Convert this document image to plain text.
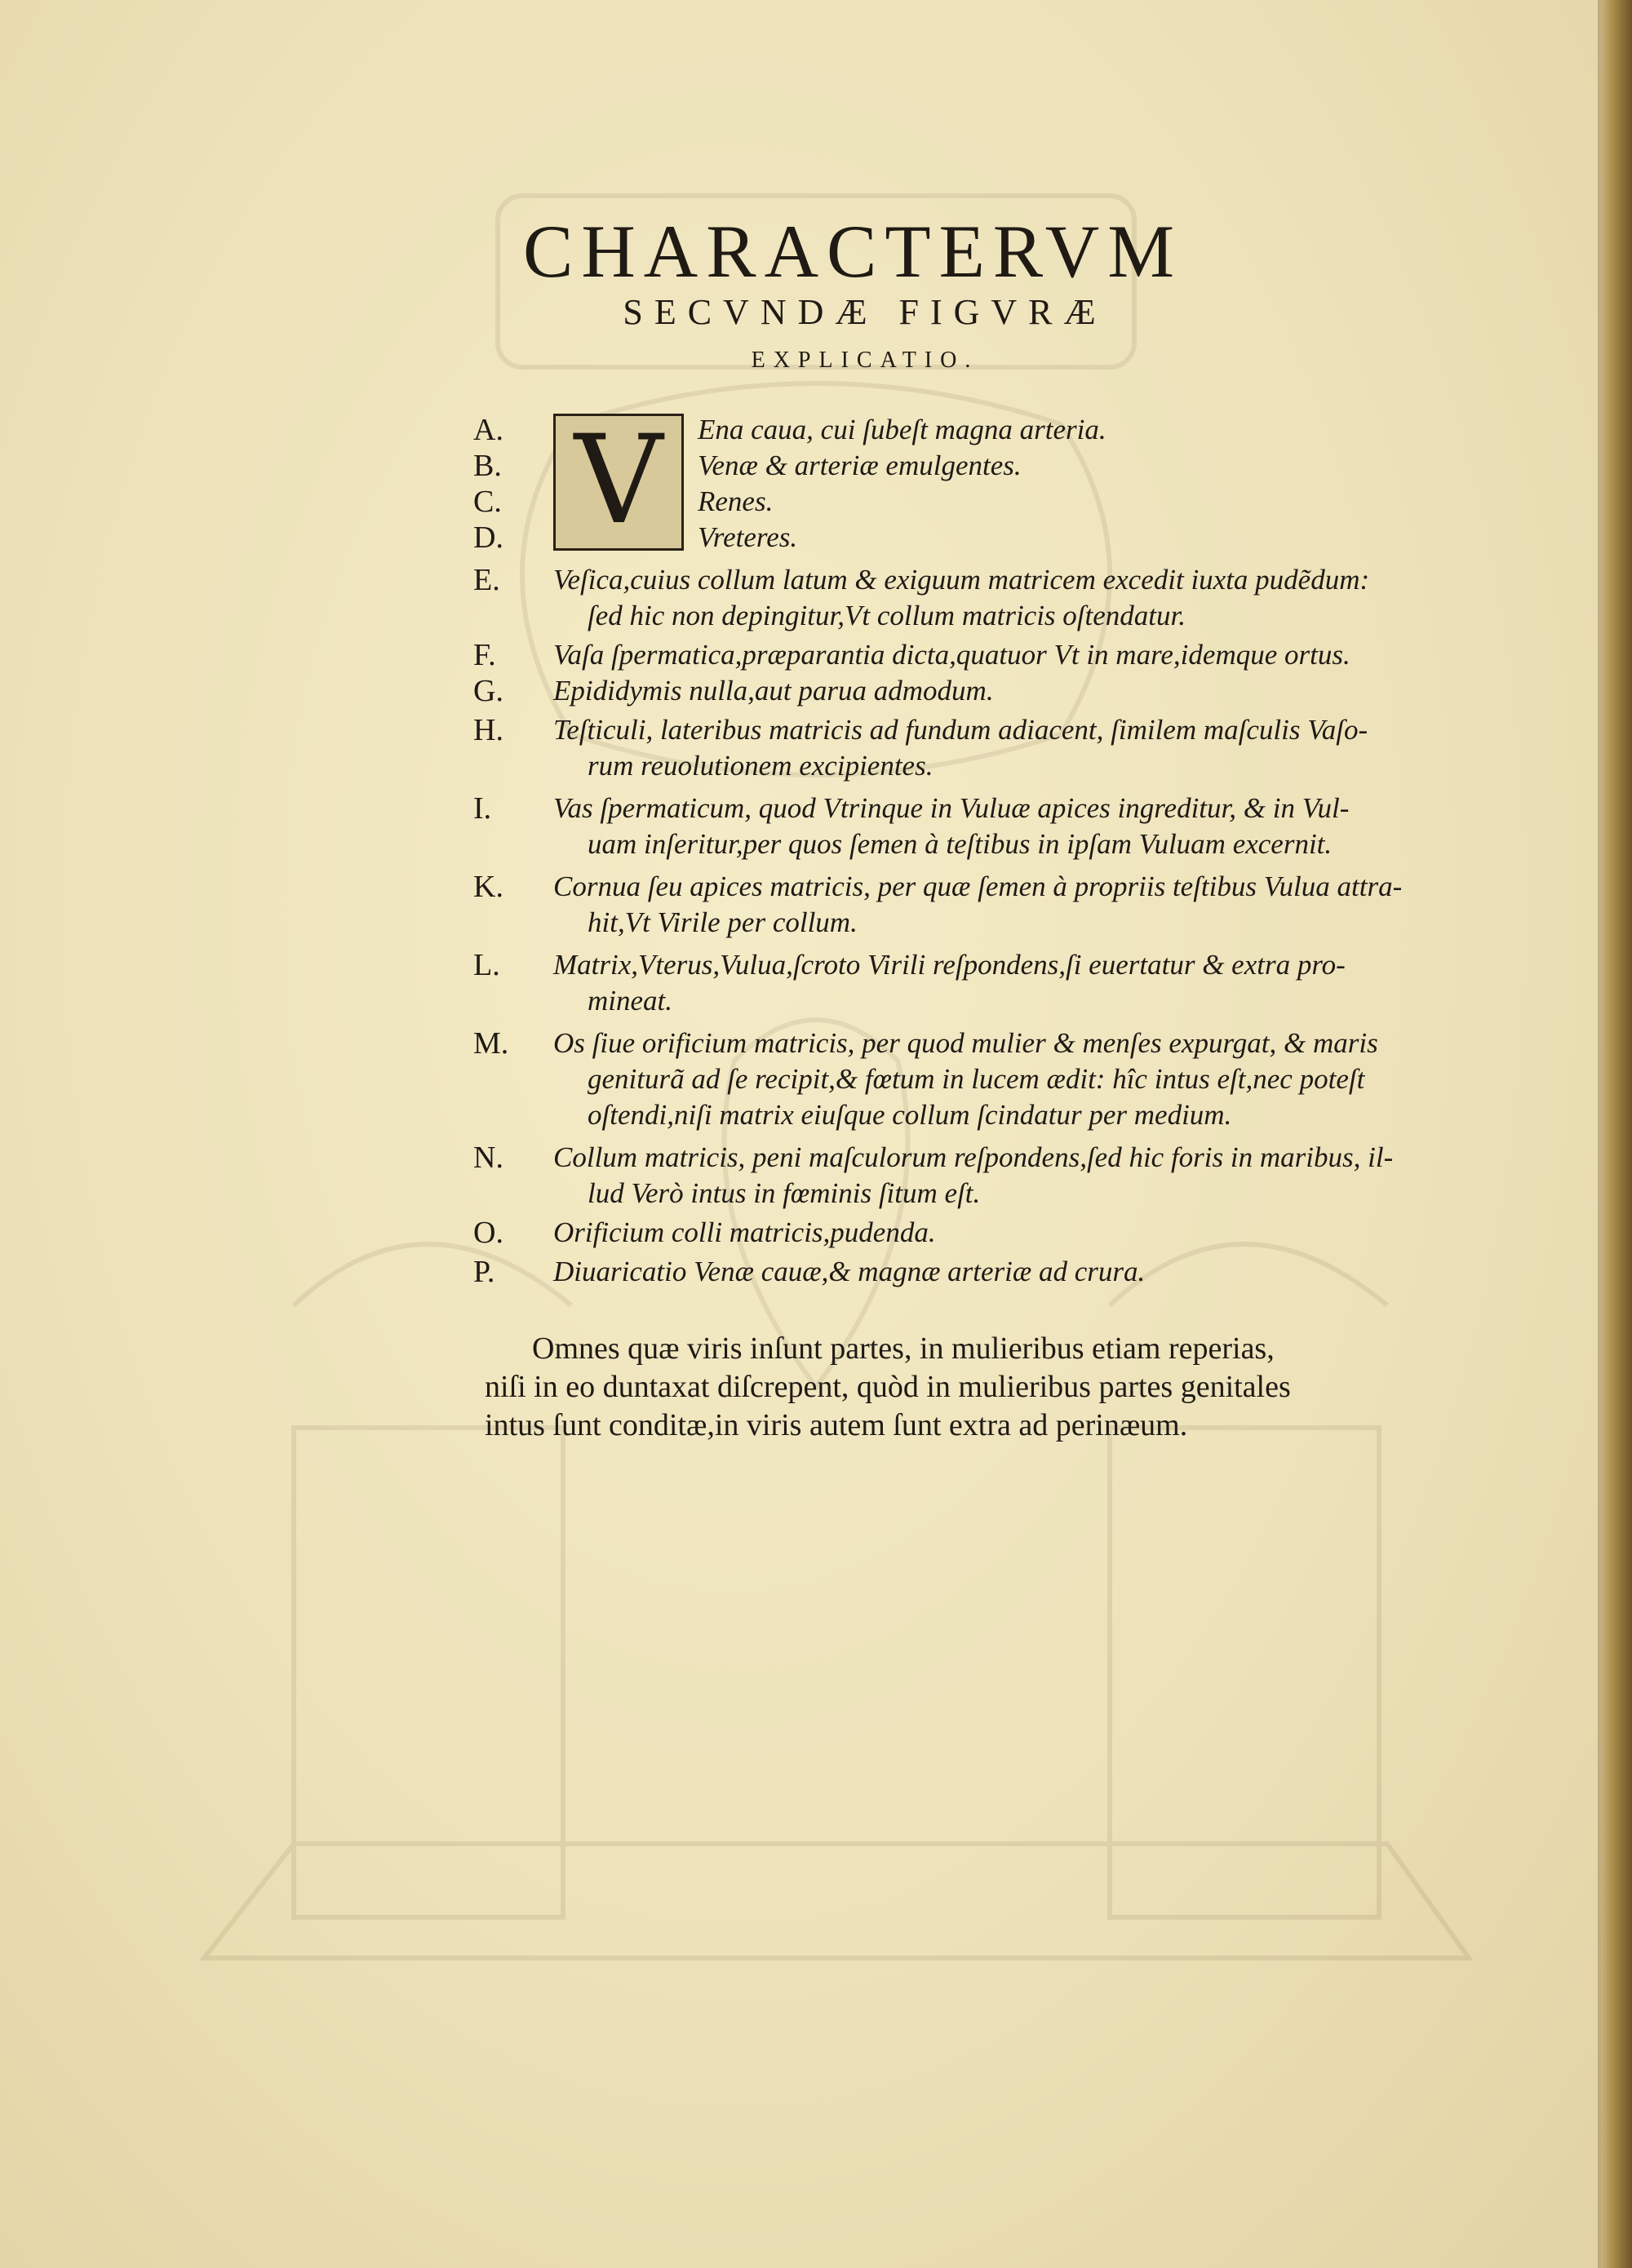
CHARACTERVM
SECVNDÆ FIGVRÆ
EXPLICATIO.
V
A.	Ena caua, cui ſubeſt magna arteria.
B.	Venæ & arteriæ emulgentes.
C.	Renes.
D.	Vreteres.
E.	Veſica,cuius collum latum & exiguum matricem excedit iuxta pudẽdum:
ſed hic non depingitur,Vt collum matricis oſtendatur.
F.	Vaſa ſpermatica,præparantia dicta,quatuor Vt in mare,idemque ortus.
G.	Epididymis nulla,aut parua admodum.
H.	Teſticuli, lateribus matricis ad fundum adiacent, ſimilem maſculis Vaſo-
rum reuolutionem excipientes.
I.	Vas ſpermaticum, quod Vtrinque in Vuluæ apices ingreditur, & in Vul-
uam inſeritur,per quos ſemen à teſtibus in ipſam Vuluam excernit.
K.	Cornua ſeu apices matricis, per quæ ſemen à propriis teſtibus Vulua attra-
hit,Vt Virile per collum.
L.	Matrix,Vterus,Vulua,ſcroto Virili reſpondens,ſi euertatur & extra pro-
mineat.
M.	Os ſiue orificium matricis, per quod mulier & menſes expurgat, & maris
geniturã ad ſe recipit,& fœtum in lucem ædit: hîc intus eſt,nec poteſt
oſtendi,niſi matrix eiuſque collum ſcindatur per medium.
N.	Collum matricis, peni maſculorum reſpondens,ſed hic foris in maribus, il-
lud Verò intus in fœminis ſitum eſt.
O.	Orificium colli matricis,pudenda.
P.	Diuaricatio Venæ cauæ,& magnæ arteriæ ad crura.
Omnes quæ viris inſunt partes, in mulieribus etiam reperias,
niſi in eo duntaxat diſcrepent, quòd in mulieribus partes genitales
intus ſunt conditæ,in viris autem ſunt extra ad perinæum.
